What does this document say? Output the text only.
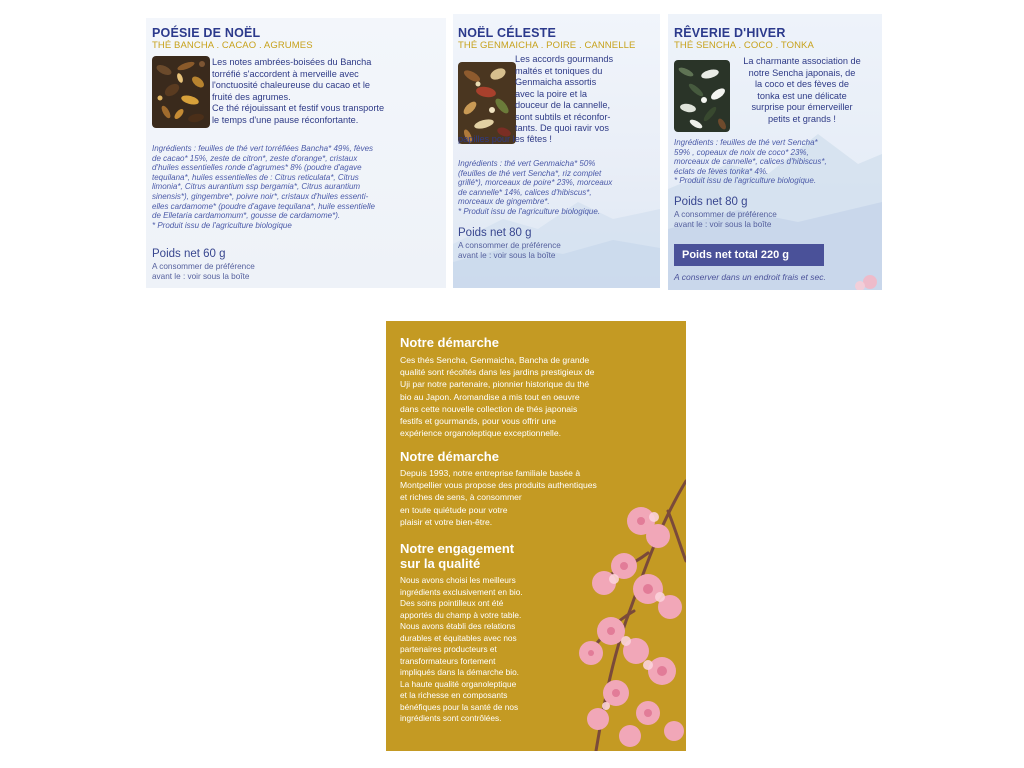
POÉSIE DE NOËL
THÉ BANCHA . CACAO . AGRUMES
Les notes ambrées-boisées du Bancha
torréfié s'accordent à merveille avec
l'onctuosité chaleureuse du cacao et le
fruité des agrumes.
Ce thé réjouissant et festif vous transporte
le temps d'une pause réconfortante.
Ingrédients : feuilles de thé vert torréfiées Bancha* 49%, fèves
de cacao* 15%, zeste de citron*, zeste d'orange*, cristaux
d'huiles essentielles ronde d'agrumes* 8% (poudre d'agave
tequilana*, huiles essentielles de : Citrus reticulata*, Citrus
limonia*, Citrus aurantium ssp bergamia*, Citrus aurantium
sinensis*), gingembre*, poivre noir*, cristaux d'huiles essenti-
elles cardamome* (poudre d'agave tequilana*, huile essentielle
de Elletaria cardamomum*, gousse de cardamome*).
* Produit issu de l'agriculture biologique
Poids net 60 g
A consommer de préférence
avant le : voir sous la boîte
NOËL CÉLESTE
THÉ GENMAICHA . POIRE . CANNELLE
Les accords gourmands
maltés et toniques du
Genmaicha assortis
avec la poire et la
douceur de la cannelle,
sont subtils et réconfor-
tants. De quoi ravir vos
papilles pour les fêtes !
Ingrédients : thé vert Genmaicha* 50%
(feuilles de thé vert Sencha*, riz complet
grillé*), morceaux de poire* 23%, morceaux
de cannelle* 14%, calices d'hibiscus*,
morceaux de gingembre*.
* Produit issu de l'agriculture biologique.
Poids net 80 g
A consommer de préférence
avant le : voir sous la boîte
RÊVERIE D'HIVER
THÉ SENCHA . COCO . TONKA
La charmante association de
notre Sencha japonais, de
la coco et des fèves de
tonka est une délicate
surprise pour émerveiller
petits et grands !
Ingrédients : feuilles de thé vert Sencha*
59% , copeaux de noix de coco* 23%,
morceaux de cannelle*, calices d'hibiscus*,
éclats de fèves tonka* 4%.
* Produit issu de l'agriculture biologique.
Poids net 80 g
A consommer de préférence
avant le : voir sous la boîte
Poids net total 220 g
A conserver dans un endroit frais et sec.
Notre démarche
Ces thés Sencha, Genmaicha, Bancha de grande
qualité sont récoltés dans les jardins prestigieux de
Uji par notre partenaire, pionnier historique du thé
bio au Japon. Aromandise a mis tout en oeuvre
dans cette nouvelle collection de thés japonais
festifs et gourmands, pour vous offrir une
expérience organoleptique exceptionnelle.
Notre démarche
Depuis 1993, notre entreprise familiale basée à
Montpellier vous propose des produits authentiques
et riches de sens, à consommer
en toute quiétude pour votre
plaisir et votre bien-être.
Notre engagement
sur la qualité
Nous avons choisi les meilleurs
ingrédients exclusivement en bio.
Des soins pointilleux ont été
apportés du champ à votre table.
Nous avons établi des relations
durables et équitables avec nos
partenaires producteurs et
transformateurs fortement
impliqués dans la démarche bio.
La haute qualité organoleptique
et la richesse en composants
bénéfiques pour la santé de nos
ingrédients sont contrôlées.
